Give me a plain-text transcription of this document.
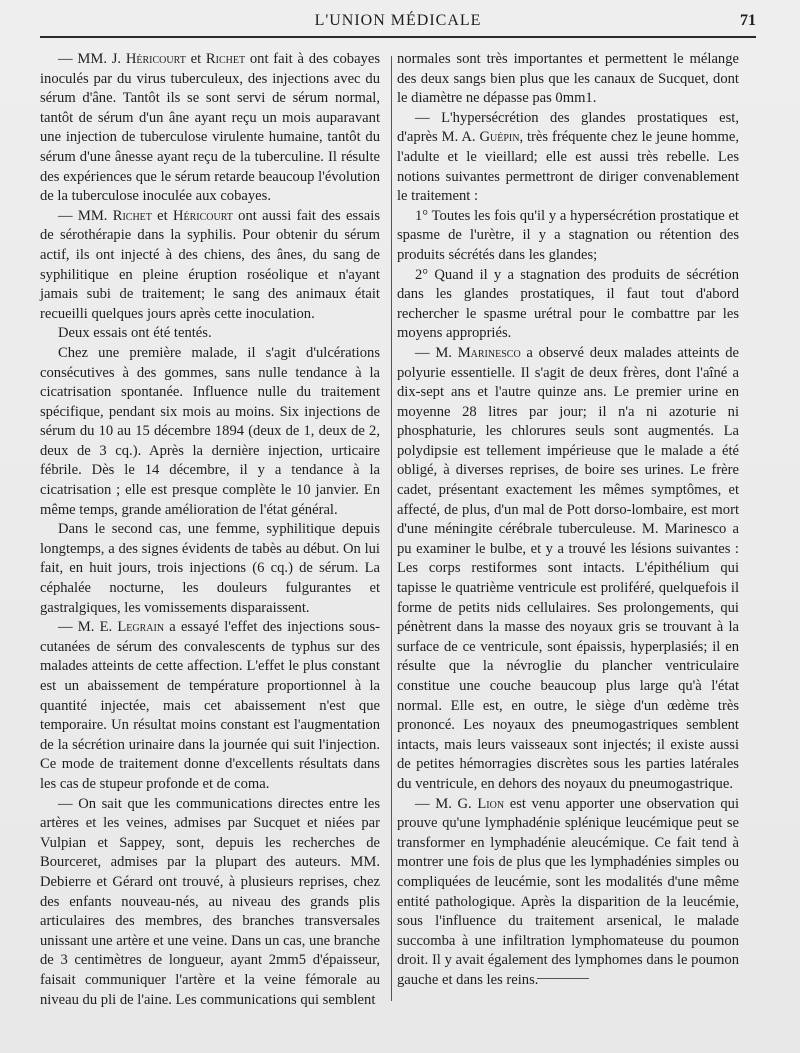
L'UNION MÉDICALE	71

— MM. J. Héricourt et Richet ont fait à des cobayes inoculés par du virus tuberculeux, des injections avec du sérum d'âne. Tantôt ils se sont servi de sérum normal, tantôt de sérum d'un âne ayant reçu un mois auparavant une injection de tuberculose virulente humaine, tantôt du sérum d'une ânesse ayant reçu de la tuberculine. Il résulte des expériences que le sérum retarde beaucoup l'évolution de la tuberculose inoculée aux cobayes.

— MM. Richet et Héricourt ont aussi fait des essais de sérothérapie dans la syphilis. Pour obtenir du sérum actif, ils ont injecté à des chiens, des ânes, du sang de syphilitique en pleine éruption roséolique et n'ayant jamais subi de traitement; le sang des animaux était recueilli quelques jours après cette inoculation.

Deux essais ont été tentés.

Chez une première malade, il s'agit d'ulcérations consécutives à des gommes, sans nulle tendance à la cicatrisation spontanée. Influence nulle du traitement spécifique, pendant six mois au moins. Six injections de sérum du 10 au 15 décembre 1894 (deux de 1, deux de 2, deux de 3 cq.). Après la dernière injection, urticaire fébrile. Dès le 14 décembre, il y a tendance à la cicatrisation ; elle est presque complète le 10 janvier. En même temps, grande amélioration de l'état général.

Dans le second cas, une femme, syphilitique depuis longtemps, a des signes évidents de tabès au début. On lui fait, en huit jours, trois injections (6 cq.) de sérum. La céphalée nocturne, les douleurs fulgurantes et gastralgiques, les vomissements disparaissent.

— M. E. Legrain a essayé l'effet des injections sous-cutanées de sérum des convalescents de typhus sur des malades atteints de cette affection. L'effet le plus constant est un abaissement de température proportionnel à la quantité injectée, mais cet abaissement n'est que temporaire. Un résultat moins constant est l'augmentation de la sécrétion urinaire dans la journée qui suit l'injection. Ce mode de traitement donne d'excellents résultats dans les cas de stupeur profonde et de coma.

— On sait que les communications directes entre les artères et les veines, admises par Sucquet et niées par Vulpian et Sappey, sont, depuis les recherches de Bourceret, admises par la plupart des auteurs. MM. Debierre et Gérard ont trouvé, à plusieurs reprises, chez des enfants nouveau-nés, au niveau des grands plis articulaires des membres, des branches transversales unissant une artère et une veine. Dans un cas, une branche de 3 centimètres de longueur, ayant 2mm5 d'épaisseur, faisait communiquer l'artère et la veine fémorale au niveau du pli de l'aine. Les communications qui semblent

normales sont très importantes et permettent le mélange des deux sangs bien plus que les canaux de Sucquet, dont le diamètre ne dépasse pas 0mm1.

— L'hypersécrétion des glandes prostatiques est, d'après M. A. Guépin, très fréquente chez le jeune homme, l'adulte et le vieillard; elle est aussi très rebelle. Les notions suivantes permettront de diriger convenablement le traitement :

1° Toutes les fois qu'il y a hypersécrétion prostatique et spasme de l'urètre, il y a stagnation ou rétention des produits sécrétés dans les glandes;

2° Quand il y a stagnation des produits de sécrétion dans les glandes prostatiques, il faut tout d'abord rechercher le spasme urétral pour le combattre par les moyens appropriés.

— M. Marinesco a observé deux malades atteints de polyurie essentielle. Il s'agit de deux frères, dont l'aîné a dix-sept ans et l'autre quinze ans. Le premier urine en moyenne 28 litres par jour; il n'a ni azoturie ni phosphaturie, les chlorures seuls sont augmentés. La polydipsie est tellement impérieuse que le malade a été obligé, à diverses reprises, de boire ses urines. Le frère cadet, présentant exactement les mêmes symptômes, et affecté, de plus, d'un mal de Pott dorso-lombaire, est mort d'une méningite cérébrale tuberculeuse. M. Marinesco a pu examiner le bulbe, et y a trouvé les lésions suivantes : Les corps restiformes sont intacts. L'épithélium qui tapisse le quatrième ventricule est proliféré, quelquefois il forme de petits nids cellulaires. Ses prolongements, qui pénètrent dans la masse des noyaux gris se trouvant à la surface de ce ventricule, sont épaissis, hyperplasiés; il en résulte que la névroglie du plancher ventriculaire constitue une couche beaucoup plus large qu'à l'état normal. Elle est, en outre, le siège d'un œdème très prononcé. Les noyaux des pneumogastriques semblent intacts, mais leurs vaisseaux sont injectés; il existe aussi de petites hémorragies discrètes sous les parties latérales du ventricule, en dehors des noyaux du pneumogastrique.

— M. G. Lion est venu apporter une observation qui prouve qu'une lymphadénie splénique leucémique peut se transformer en lymphadénie aleucémique. Ce fait tend à montrer une fois de plus que les lymphadénies simples ou compliquées de leucémie, sont les modalités d'une même entité pathologique. Après la disparition de la leucémie, sous l'influence du traitement arsenical, le malade succomba à une infiltration lymphomateuse du poumon droit. Il y avait également des lymphomes dans le poumon gauche et dans les reins.
